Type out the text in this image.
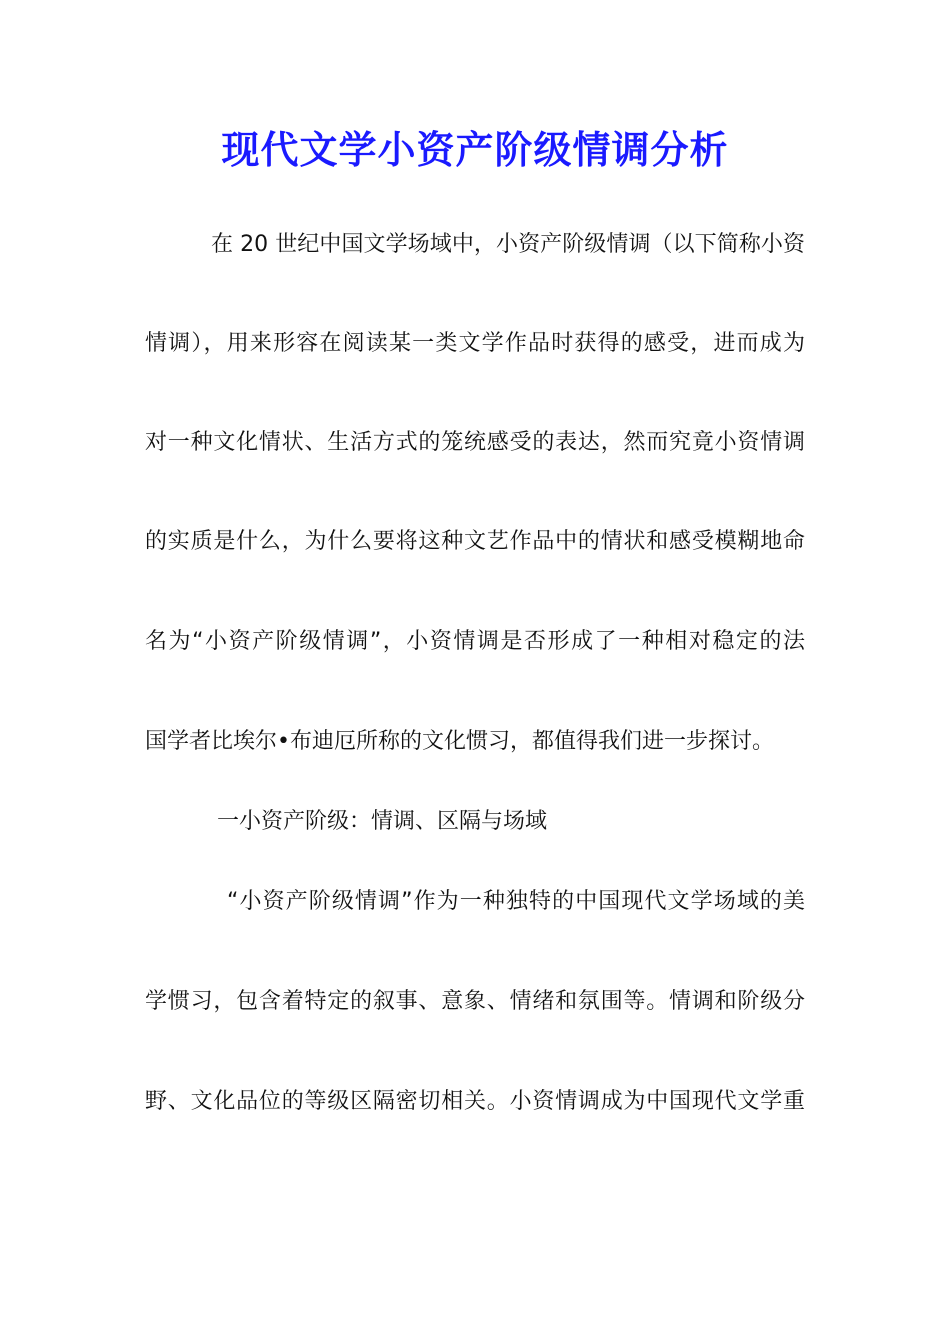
现代文学小资产阶级情调分析
在 20 世纪中国文学场域中，小资产阶级情调（以下简称小资
情调），用来形容在阅读某一类文学作品时获得的感受，进而成为
对一种文化情状、生活方式的笼统感受的表达，然而究竟小资情调
的实质是什么，为什么要将这种文艺作品中的情状和感受模糊地命
名为“小资产阶级情调”，小资情调是否形成了一种相对稳定的法
国学者比埃尔•布迪厄所称的文化惯习，都值得我们进一步探讨。
一小资产阶级：情调、区隔与场域
“小资产阶级情调”作为一种独特的中国现代文学场域的美
学惯习，包含着特定的叙事、意象、情绪和氛围等。情调和阶级分
野、文化品位的等级区隔密切相关。小资情调成为中国现代文学重
